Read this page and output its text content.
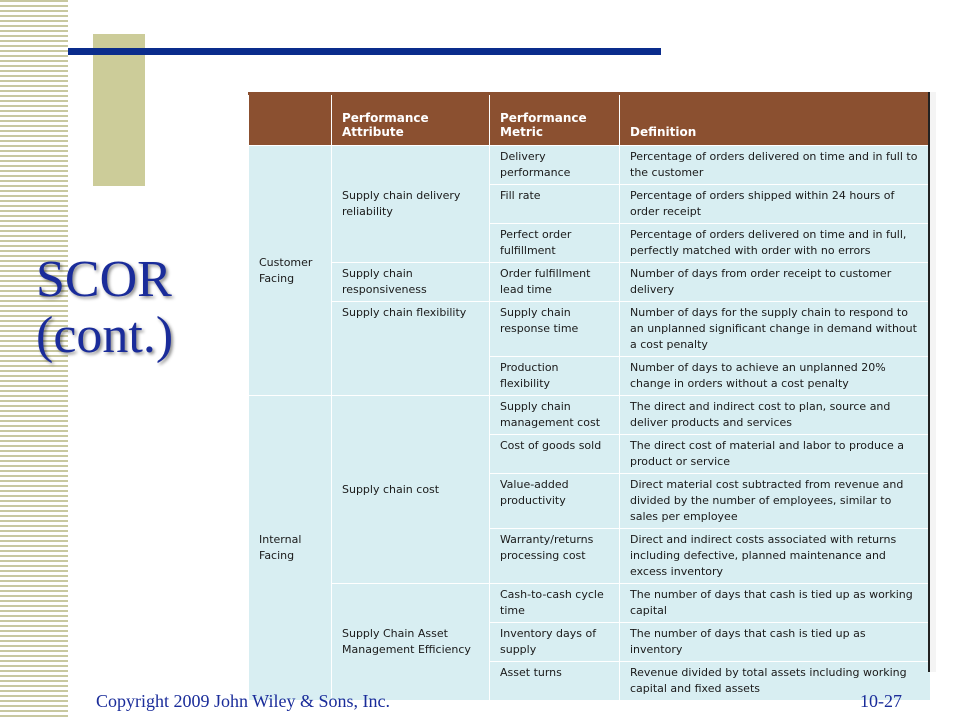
SCOR
(cont.)
	Performance Attribute	Performance Metric	Definition
Customer Facing	Supply chain delivery reliability	Delivery performance	Percentage of orders delivered on time and in full to the customer
		Fill rate	Percentage of orders shipped within 24 hours of order receipt
		Perfect order fulfillment	Percentage of orders delivered on time and in full, perfectly matched with order with no errors
	Supply chain responsiveness	Order fulfillment lead time	Number of days from order receipt to customer delivery
	Supply chain flexibility	Supply chain response time	Number of days for the supply chain to respond to an unplanned significant change in demand without a cost penalty
		Production flexibility	Number of days to achieve an unplanned 20% change in orders without a cost penalty
Internal Facing	Supply chain cost	Supply chain management cost	The direct and indirect cost to plan, source and deliver products and services
		Cost of goods sold	The direct cost of material and labor to produce a product or service
		Value-added productivity	Direct material cost subtracted from revenue and divided by the number of employees, similar to sales per employee
		Warranty/returns processing cost	Direct and indirect costs associated with returns including defective, planned maintenance and excess inventory
	Supply Chain Asset Management Efficiency	Cash-to-cash cycle time	The number of days that cash is tied up as working capital
		Inventory days of supply	The number of days that cash is tied up as inventory
		Asset turns	Revenue divided by total assets including working capital and fixed assets
Copyright 2009 John Wiley & Sons, Inc.	10-27
